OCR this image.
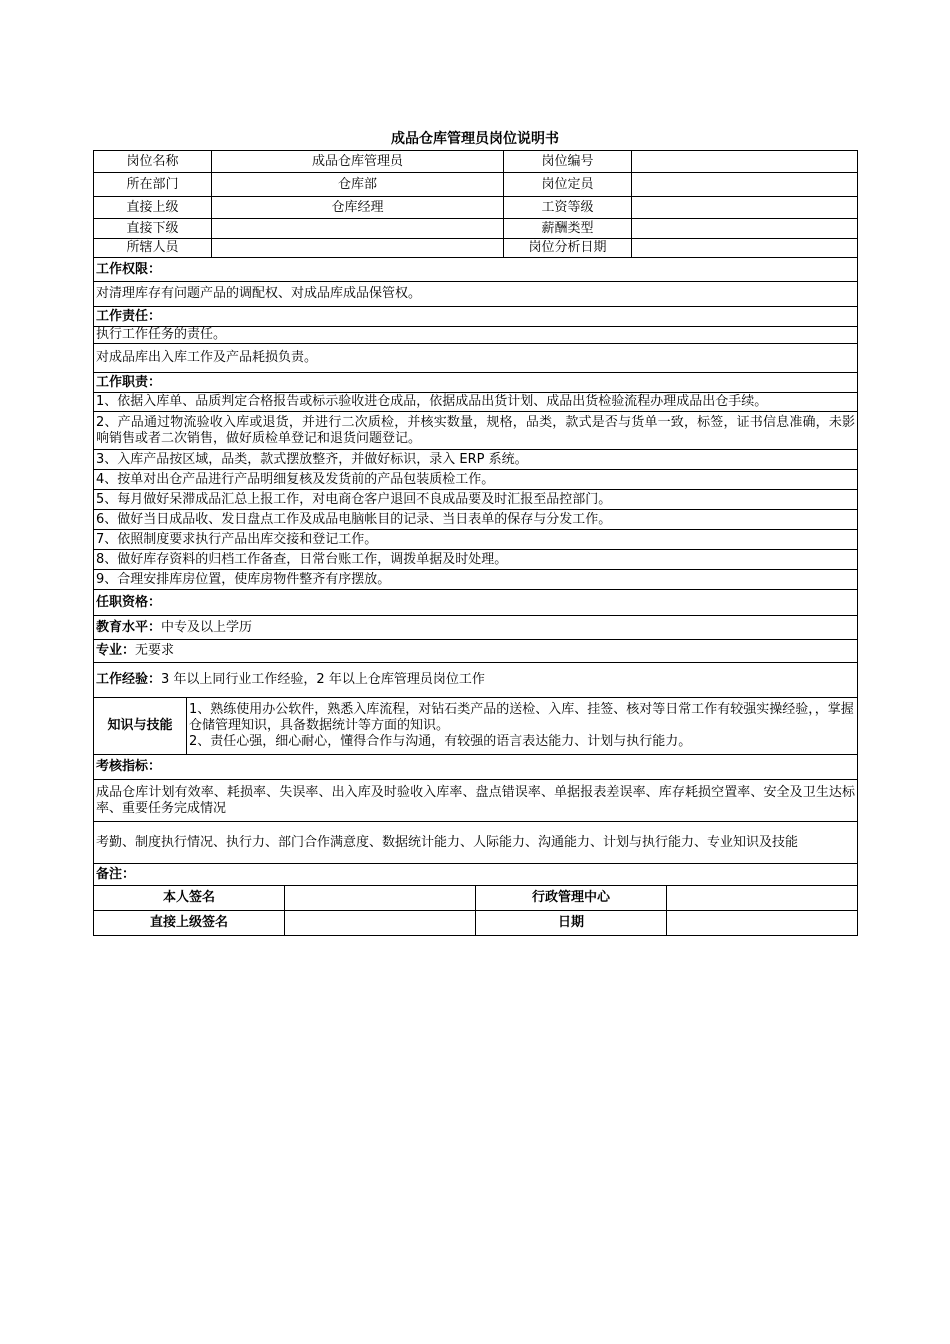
成品仓库管理员岗位说明书
岗位名称	成品仓库管理员	岗位编号	
所在部门	仓库部	岗位定员	
直接上级	仓库经理	工资等级	
直接下级		薪酬类型	
所辖人员		岗位分析日期	
工作权限：
对清理库存有问题产品的调配权、对成品库成品保管权。
工作责任：
执行工作任务的责任。
对成品库出入库工作及产品耗损负责。
工作职责：
1、依据入库单、品质判定合格报告或标示验收进仓成品，依据成品出货计划、成品出货检验流程办理成品出仓手续。
2、产品通过物流验收入库或退货，并进行二次质检，并核实数量，规格，品类，款式是否与货单一致，标签，证书信息准确，未影响销售或者二次销售，做好质检单登记和退货问题登记。
3、入库产品按区域，品类，款式摆放整齐，并做好标识，录入 ERP 系统。
4、按单对出仓产品进行产品明细复核及发货前的产品包装质检工作。
5、每月做好呆滞成品汇总上报工作，对电商仓客户退回不良成品要及时汇报至品控部门。
6、做好当日成品收、发日盘点工作及成品电脑帐目的记录、当日表单的保存与分发工作。
7、依照制度要求执行产品出库交接和登记工作。
8、做好库存资料的归档工作备查，日常台账工作，调拨单据及时处理。
9、合理安排库房位置，使库房物件整齐有序摆放。
任职资格：
教育水平：中专及以上学历
专业：无要求
工作经验：3 年以上同行业工作经验，2 年以上仓库管理员岗位工作
知识与技能	
1、熟练使用办公软件，熟悉入库流程，对钻石类产品的送检、入库、挂签、核对等日常工作有较强实操经验，，掌握仓储管理知识，具备数据统计等方面的知识。
2、责任心强，细心耐心，懂得合作与沟通，有较强的语言表达能力、计划与执行能力。

考核指标：
成品仓库计划有效率、耗损率、失误率、出入库及时验收入库率、盘点错误率、单据报表差误率、库存耗损空置率、安全及卫生达标率、重要任务完成情况
考勤、制度执行情况、执行力、部门合作满意度、数据统计能力、人际能力、沟通能力、计划与执行能力、专业知识及技能
备注：
本人签名		行政管理中心	
直接上级签名		日期	
